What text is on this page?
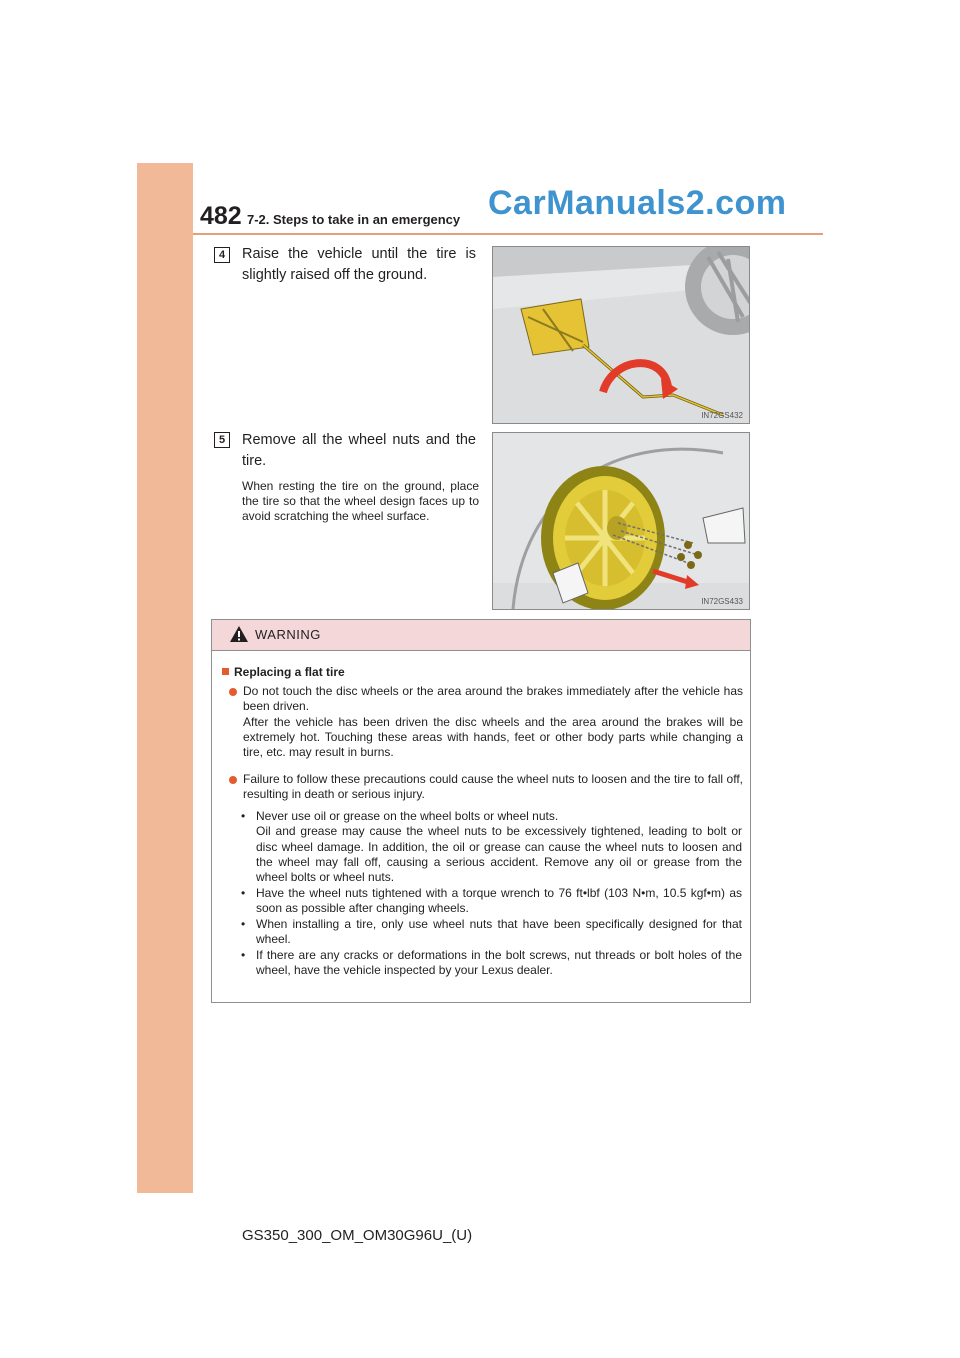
482 7-2. Steps to take in an emergency CarManuals2.com
4	Raise the vehicle until the tire is slightly raised off the ground.
IN72GS432
5	Remove all the wheel nuts and the tire.
When resting the tire on the ground, place the tire so that the wheel design faces up to avoid scratching the wheel surface.
IN72GS433
WARNING
Replacing a flat tire
Do not touch the disc wheels or the area around the brakes immediately after the vehicle has been driven.
After the vehicle has been driven the disc wheels and the area around the brakes will be extremely hot. Touching these areas with hands, feet or other body parts while changing a tire, etc. may result in burns.
Failure to follow these precautions could cause the wheel nuts to loosen and the tire to fall off, resulting in death or serious injury.
• Never use oil or grease on the wheel bolts or wheel nuts.
Oil and grease may cause the wheel nuts to be excessively tightened, leading to bolt or disc wheel damage. In addition, the oil or grease can cause the wheel nuts to loosen and the wheel may fall off, causing a serious accident. Remove any oil or grease from the wheel bolts or wheel nuts.
• Have the wheel nuts tightened with a torque wrench to 76 ft•lbf (103 N•m, 10.5 kgf•m) as soon as possible after changing wheels.
• When installing a tire, only use wheel nuts that have been specifically designed for that wheel.
• If there are any cracks or deformations in the bolt screws, nut threads or bolt holes of the wheel, have the vehicle inspected by your Lexus dealer.
GS350_300_OM_OM30G96U_(U)
